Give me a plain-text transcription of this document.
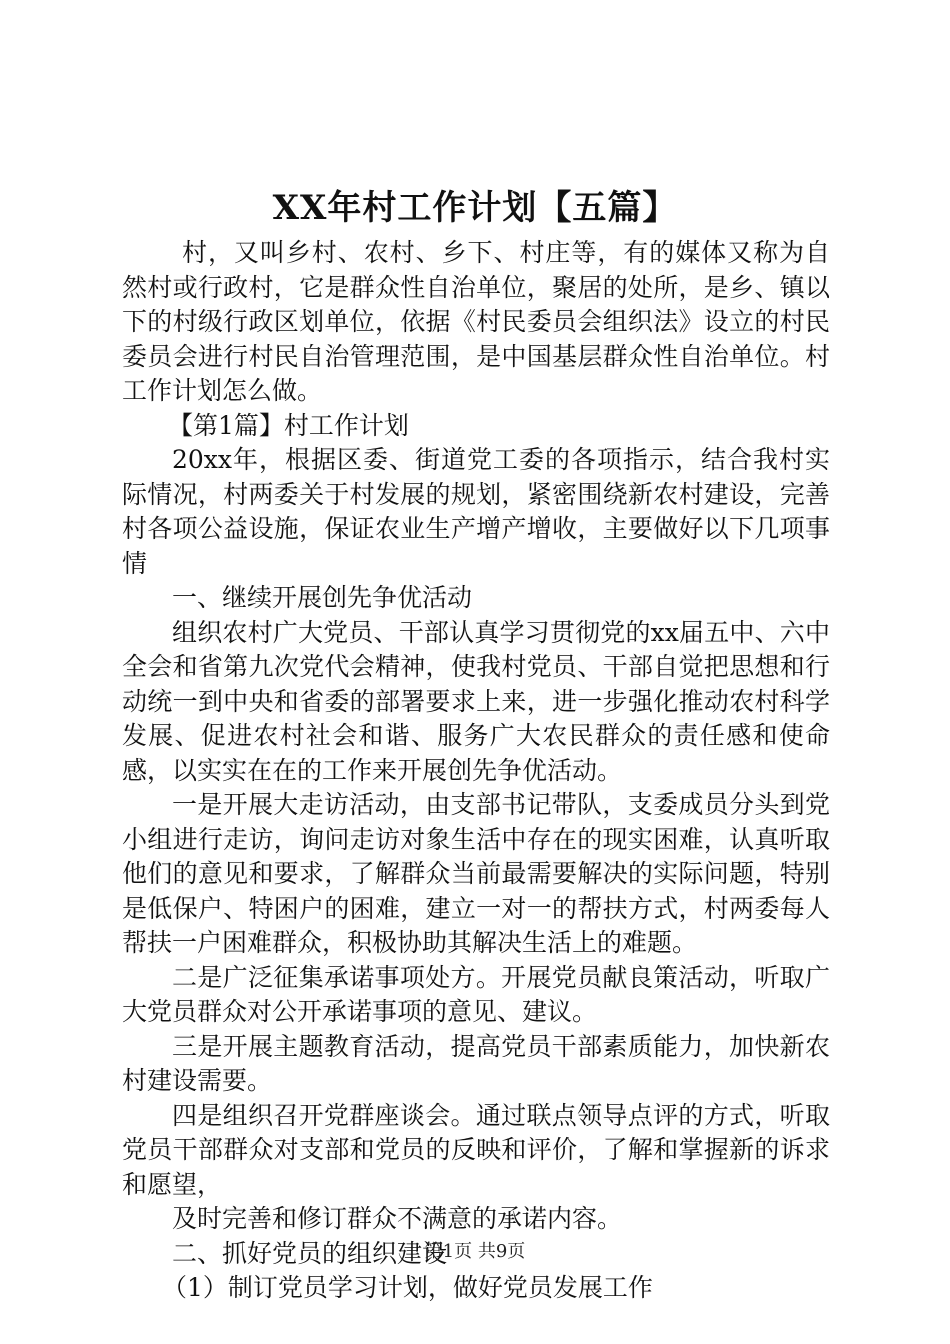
XX年村工作计划【五篇】

村，又叫乡村、农村、乡下、村庄等，有的媒体又称为自然村或行政村，它是群众性自治单位，聚居的处所，是乡、镇以下的村级行政区划单位，依据《村民委员会组织法》设立的村民委员会进行村民自治管理范围，是中国基层群众性自治单位。村工作计划怎么做。

【第1篇】村工作计划

20xx年，根据区委、街道党工委的各项指示，结合我村实际情况，村两委关于村发展的规划，紧密围绕新农村建设，完善村各项公益设施，保证农业生产增产增收，主要做好以下几项事情

一、继续开展创先争优活动

组织农村广大党员、干部认真学习贯彻党的xx届五中、六中全会和省第九次党代会精神，使我村党员、干部自觉把思想和行动统一到中央和省委的部署要求上来，进一步强化推动农村科学发展、促进农村社会和谐、服务广大农民群众的责任感和使命感，以实实在在的工作来开展创先争优活动。

一是开展大走访活动，由支部书记带队，支委成员分头到党小组进行走访，询问走访对象生活中存在的现实困难，认真听取他们的意见和要求，了解群众当前最需要解决的实际问题，特别是低保户、特困户的困难，建立一对一的帮扶方式，村两委每人帮扶一户困难群众，积极协助其解决生活上的难题。

二是广泛征集承诺事项处方。开展党员献良策活动，听取广大党员群众对公开承诺事项的意见、建议。

三是开展主题教育活动，提高党员干部素质能力，加快新农村建设需要。

四是组织召开党群座谈会。通过联点领导点评的方式，听取党员干部群众对支部和党员的反映和评价，了解和掌握新的诉求和愿望，

及时完善和修订群众不满意的承诺内容。

二、抓好党员的组织建设

（1）制订党员学习计划，做好党员发展工作

第1页 共9页
